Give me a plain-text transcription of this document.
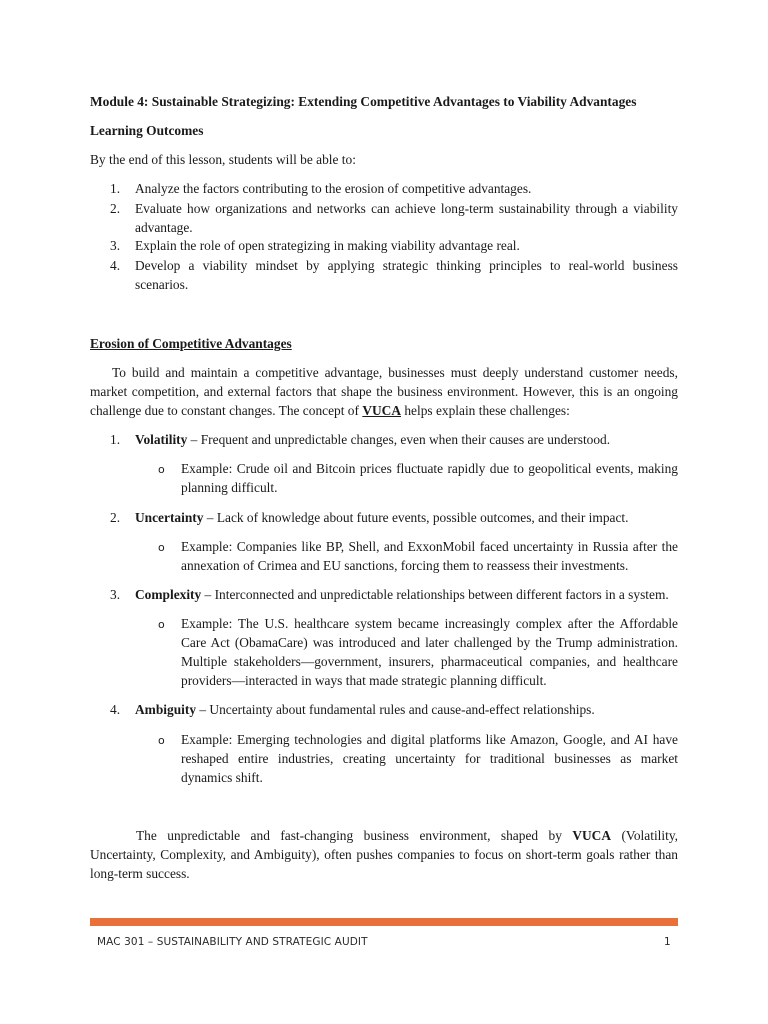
Module 4: Sustainable Strategizing: Extending Competitive Advantages to Viability Advantages

Learning Outcomes

By the end of this lesson, students will be able to:

1.	Analyze the factors contributing to the erosion of competitive advantages.
2.	Evaluate how organizations and networks can achieve long-term sustainability through a viability advantage.
3.	Explain the role of open strategizing in making viability advantage real.
4.	Develop a viability mindset by applying strategic thinking principles to real-world business scenarios.

Erosion of Competitive Advantages

To build and maintain a competitive advantage, businesses must deeply understand customer needs, market competition, and external factors that shape the business environment. However, this is an ongoing challenge due to constant changes. The concept of VUCA helps explain these challenges:

1.	Volatility – Frequent and unpredictable changes, even when their causes are understood.
o Example: Crude oil and Bitcoin prices fluctuate rapidly due to geopolitical events, making planning difficult.
2.	Uncertainty – Lack of knowledge about future events, possible outcomes, and their impact.
o Example: Companies like BP, Shell, and ExxonMobil faced uncertainty in Russia after the annexation of Crimea and EU sanctions, forcing them to reassess their investments.
3.	Complexity – Interconnected and unpredictable relationships between different factors in a system.
o Example: The U.S. healthcare system became increasingly complex after the Affordable Care Act (ObamaCare) was introduced and later challenged by the Trump administration. Multiple stakeholders—government, insurers, pharmaceutical companies, and healthcare providers—interacted in ways that made strategic planning difficult.
4.	Ambiguity – Uncertainty about fundamental rules and cause-and-effect relationships.
o Example: Emerging technologies and digital platforms like Amazon, Google, and AI have reshaped entire industries, creating uncertainty for traditional businesses as market dynamics shift.

The unpredictable and fast-changing business environment, shaped by VUCA (Volatility, Uncertainty, Complexity, and Ambiguity), often pushes companies to focus on short-term goals rather than long-term success.

MAC 301 – SUSTAINABILITY AND STRATEGIC AUDIT	1
